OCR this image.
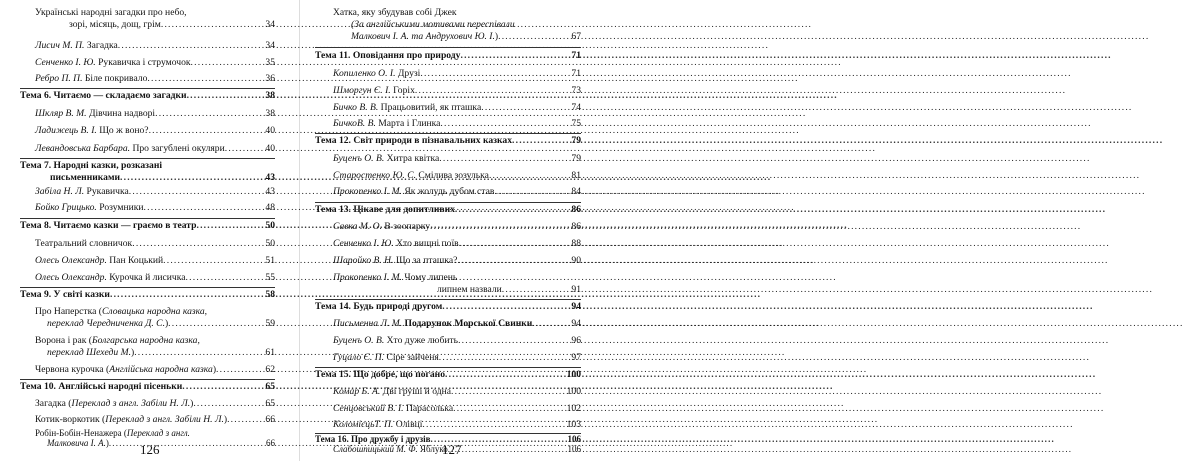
Українські народні загадки про небо,
зорі, місяць, дощ, грім .....	34
Лисич М. П. Загадка .....	34
Сенченко І. Ю. Рукавичка і струмочок .....	35
Ребро П. П. Біле покривало .....	36
Тема 6. Читаємо — складаємо загадки .....	38
Шкляр В. М. Дівчина надворі .....	38
Ладижець В. І. Що ж воно? .....	40
Левандовська Барбара. Про загублені окуляри .....	40
Тема 7. Народні казки, розказані
письменниками .....	43
Забіла Н. Л. Рукавичка .....	43
Бойко Грицько. Розумники .....	48
Тема 8. Читаємо казки — граємо в театр .....	50
Театральний словничок .....	50
Олесь Олександр. Пан Коцький .....	51
Олесь Олександр. Курочка й лисичка .....	55
Тема 9. У світі казки .....	58
Про Наперстка (Словацька народна казка,
переклад Чередниченка Д. С.) .....	59
Ворона і рак (Болгарська народна казка,
переклад Шехеди М.) .....	61
Червона курочка (Англійська народна казка) .....	62
Тема 10. Англійські народні пісеньки .....	65
Загадка (Переклад з англ. Забіли Н. Л.) .....	65
Котик-воркотик (Переклад з англ. Забіли Н. Л.) .....	66
Робін-Бобін-Ненажера (Переклад з англ.
Малковича І. А.) .....	66
126
Хатка, яку збудував собі Джек
(За англійськими мотивами переспівали
Малкович І. А. та Андрухович Ю. І.) .....	67
Тема 11. Оповідання про природу .....	71
Копиленко О. І. Друзі .....	71
Шморгун Є. І. Горіх .....	73
Бичко В. В. Працьовитий, як пташка .....	74
БичкоВ. В. Марта і Глинка .....	75
Тема 12. Світ природи в пізнавальних казках .....	79
Буценъ О. В. Хитра квітка .....	79
Старостенко Ю. С. Смілива зозулька .....	81
Прокопенко І. М. Як жолудь дубом став .....	84
Тема 13. Цікаве для допитливих .....	86
Савка М. О. В зоопарку .....	86
Сенченко І. Ю. Хто вищні поїв .....	88
Шаройко В. Н. Що за пташка? .....	90
Прокопенко І. М. Чому липень
липнем назвали .....	91
Тема 14. Будь природі другом .....	94
Письменна Л. М. Подарунок Морської Свинки .....	94
Буценъ О. В. Хто дуже любить .....	96
Гуцало Є. П. Сіре зайченя .....	97
Тема 15. Що добре, що погано .....	100
Комар Б. А. Дві груші й одна .....	100
Сенцовський В. І. Парасолька .....	102
КоломієцьТ. П. Олівці .....	103
Тема 16. Про дружбу і друзів .....	106
Слабошпицький М. Ф. Яблуко .....	106
127
